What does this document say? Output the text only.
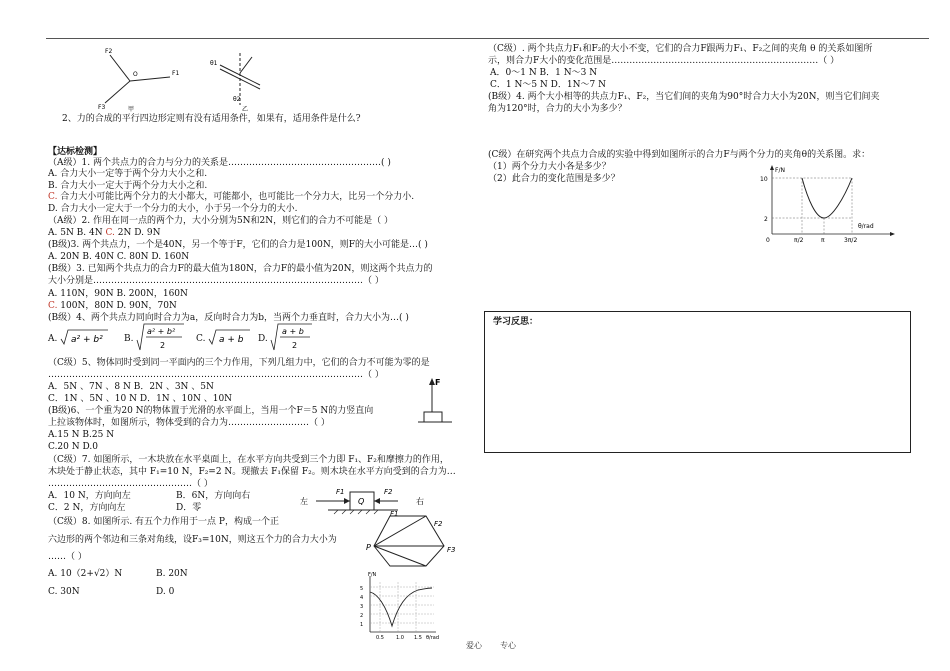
F2
F1
F3
O
甲
θ1
θ2
乙
2、力的合成的平行四边形定则有没有适用条件，如果有，适用条件是什么?
【达标检测】
（A级）1. 两个共点力的合力与分力的关系是……………………………………………( )
A. 合力大小一定等于两个分力大小之和.
B. 合力大小一定大于两个分力大小之和.
C. 合力大小可能比两个分力的大小都大，可能都小，也可能比一个分力大，比另一个分力小.
D. 合力大小一定大于一个分力的大小，小于另一个分力的大小.
（A级）2. 作用在同一点的两个力，大小分别为5N和2N，则它们的合力不可能是（ ）
A. 5N B. 4N C. 2N D. 9N
(B级)3. 两个共点力，一个是40N，另一个等于F，它们的合力是100N，则F的大小可能是…( )
A. 20N B. 40N C. 80N D. 160N
(B级）3. 已知两个共点力的合力F的最大值为180N，合力F的最小值为20N，则这两个共点力的
大小分别是………………………………………………………………………………（ ）
A. 110N，90N B. 200N，160N
C. 100N，80N D. 90N，70N
(B级）4、两个共点力同向时合力为a，反向时合力为b，当两个力垂直时，合力大小为…( )
A. a² + b² B.
a² + b²
2
C. a + b D.
a + b
2
（C级）5、物体同时受到同一平面内的三个力作用，下列几组力中，它们的合力不可能为零的是
……………………………………………………………………………………………（ ）
A．5N 、7N 、8 N B．2N 、3N 、5N
C．1N 、5N 、10 N D．1N 、10N 、10N
F
(B级)6、一个重为20 N的物体置于光滑的水平面上，当用一个F＝5 N的力竖直向
上拉该物体时，如图所示，物体受到的合力为………………………（ ）
A.15 N B.25 N
C.20 N D.0
（C级）7. 如图所示，一木块放在水平桌面上，在水平方向共受到三个力即 F₁、F₂和摩擦力的作用，
木块处于静止状态，其中 F₁=10 N，F₂=2 N。现撤去 F₁保留 F₂。则木块在水平方向受到的合力为…
…………………………………………（ ）
A．10 N，方向向左	B．6N，方向向右
C．2 N，方向向左	D．零
左	右
Q
F1	F2
（C级）8. 如图所示. 有五个力作用于一点 P，构成一个正
六边形的两个邻边和三条对角线，设F₃=10N，则这五个力的合力大小为
……（ ）
A. 10（2+√2）N	B. 20N
C. 30N	D. 0
P
F1
F2
F3
F/N
5
4
3
2
1
0.5 1.0 1.5 θ/rad
（C级）. 两个共点力F₁和F₂的大小不变，它们的合力F跟两力F₁、F₂之间的夹角 θ 的关系如图所
示，则合力F大小的变化范围是……………………………………………………………（ ）
A．0～1 N B．1 N～3 N
C．1 N～5 N D．1N～7 N
(B级）4. 两个大小相等的共点力F₁、F₂，当它们间的夹角为90°时合力大小为20N，则当它们间夹
角为120°时，合力的大小为多少？
(C级）在研究两个共点力合成的实验中得到如图所示的合力F与两个分力的夹角θ的关系图。求：
（1）两个分力大小各是多少？
（2）此合力的变化范围是多少？
F/N
10
2
0	π/2	π	3π/2
θ/rad
学习反思：
爱心 专心
